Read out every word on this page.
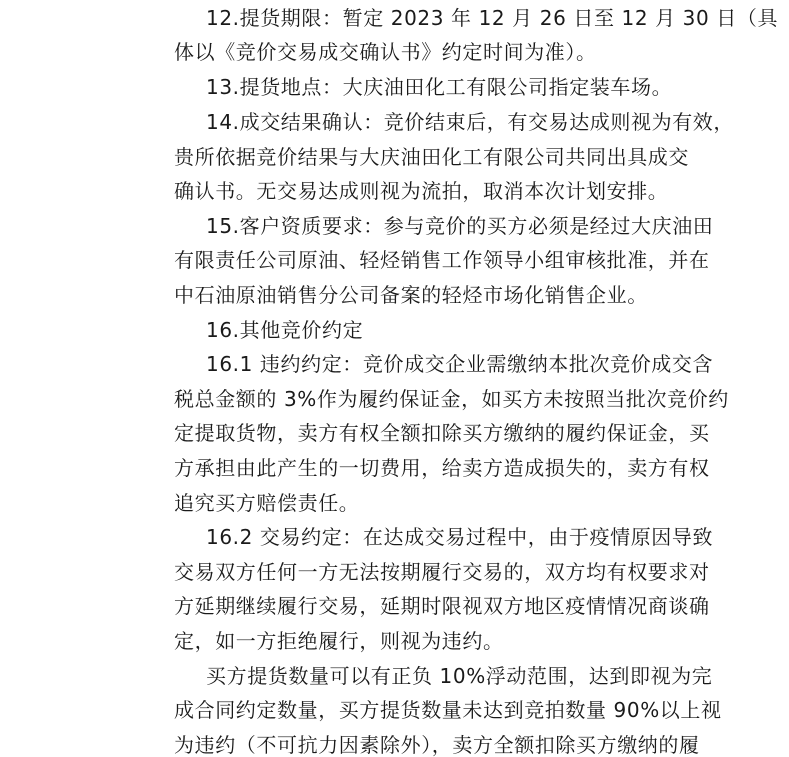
12.提货期限：暂定 2023 年 12 月 26 日至 12 月 30 日（具
体以《竞价交易成交确认书》约定时间为准）。
13.提货地点：大庆油田化工有限公司指定装车场。
14.成交结果确认：竞价结束后，有交易达成则视为有效，
贵所依据竞价结果与大庆油田化工有限公司共同出具成交
确认书。无交易达成则视为流拍，取消本次计划安排。
15.客户资质要求：参与竞价的买方必须是经过大庆油田
有限责任公司原油、轻烃销售工作领导小组审核批准，并在
中石油原油销售分公司备案的轻烃市场化销售企业。
16.其他竞价约定
16.1 违约约定：竞价成交企业需缴纳本批次竞价成交含
税总金额的 3%作为履约保证金，如买方未按照当批次竞价约
定提取货物，卖方有权全额扣除买方缴纳的履约保证金，买
方承担由此产生的一切费用，给卖方造成损失的，卖方有权
追究买方赔偿责任。
16.2 交易约定：在达成交易过程中，由于疫情原因导致
交易双方任何一方无法按期履行交易的，双方均有权要求对
方延期继续履行交易，延期时限视双方地区疫情情况商谈确
定，如一方拒绝履行，则视为违约。
买方提货数量可以有正负 10%浮动范围，达到即视为完
成合同约定数量，买方提货数量未达到竞拍数量 90%以上视
为违约（不可抗力因素除外），卖方全额扣除买方缴纳的履
